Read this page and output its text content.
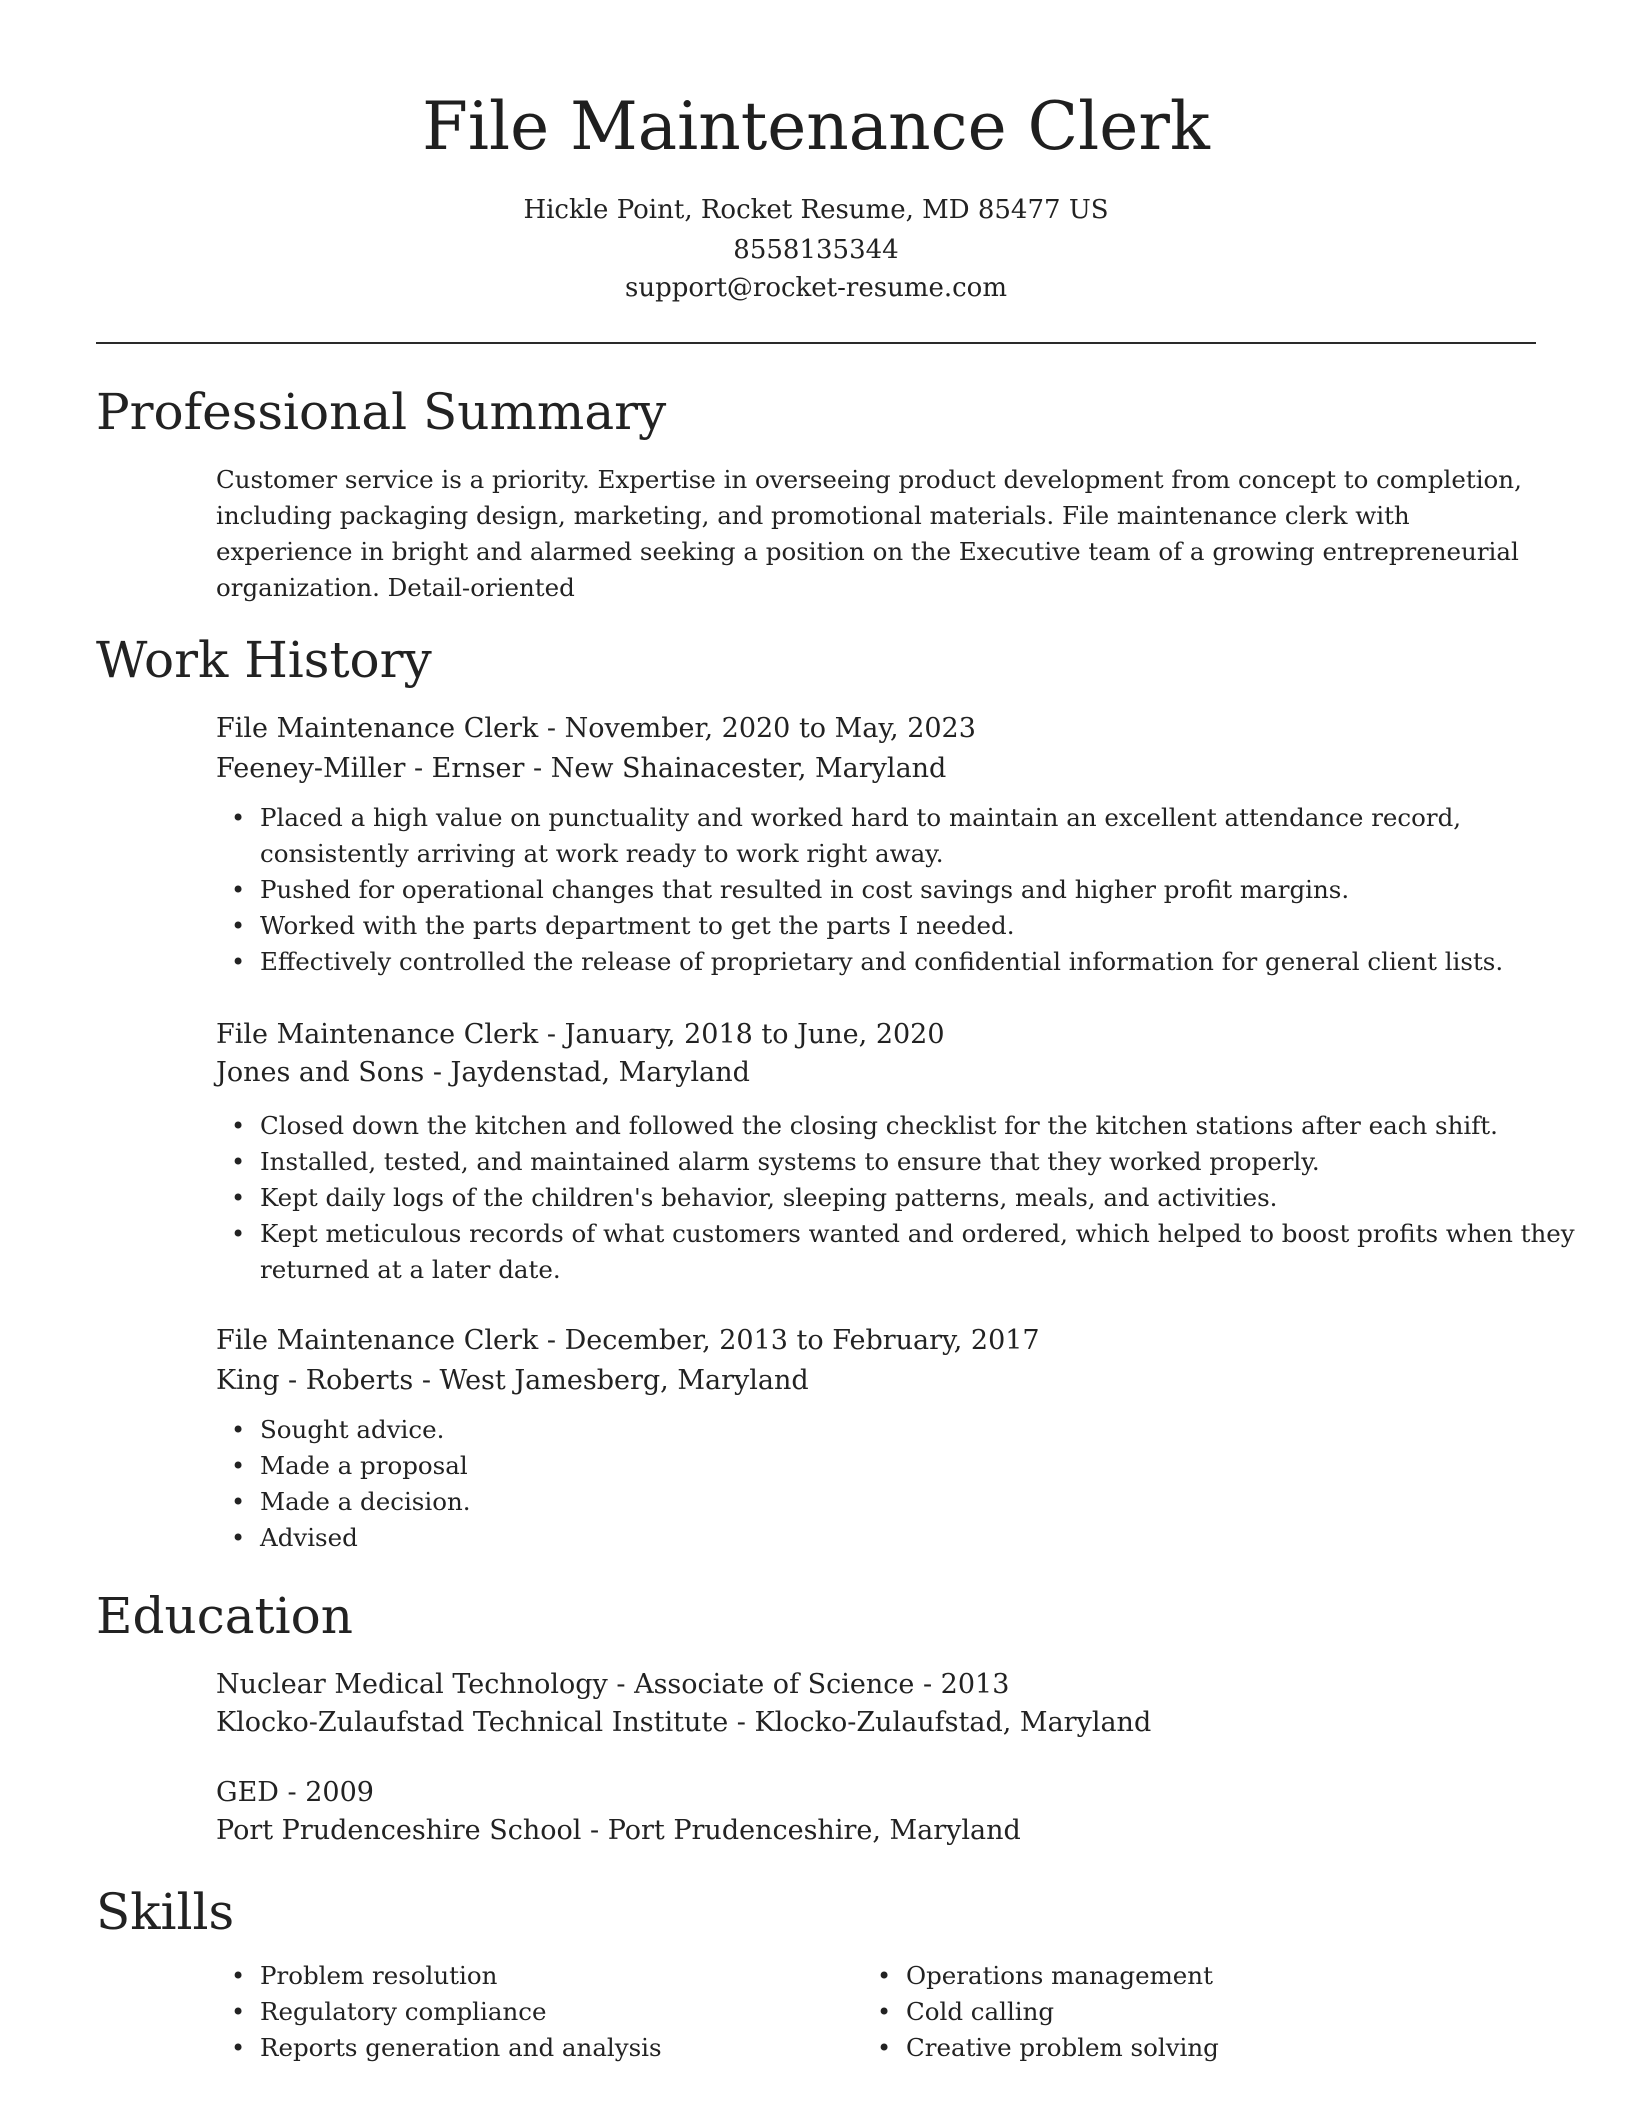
File Maintenance Clerk
Hickle Point, Rocket Resume, MD 85477 US
8558135344
support@rocket-resume.com
Professional Summary
Customer service is a priority. Expertise in overseeing product development from concept to completion, including packaging design, marketing, and promotional materials. File maintenance clerk with experience in bright and alarmed seeking a position on the Executive team of a growing entrepreneurial organization. Detail-oriented
Work History
File Maintenance Clerk - November, 2020 to May, 2023
Feeney-Miller - Ernser - New Shainacester, Maryland
• Placed a high value on punctuality and worked hard to maintain an excellent attendance record, consistently arriving at work ready to work right away.
• Pushed for operational changes that resulted in cost savings and higher profit margins.
• Worked with the parts department to get the parts I needed.
• Effectively controlled the release of proprietary and confidential information for general client lists.
File Maintenance Clerk - January, 2018 to June, 2020
Jones and Sons - Jaydenstad, Maryland
• Closed down the kitchen and followed the closing checklist for the kitchen stations after each shift.
• Installed, tested, and maintained alarm systems to ensure that they worked properly.
• Kept daily logs of the children's behavior, sleeping patterns, meals, and activities.
• Kept meticulous records of what customers wanted and ordered, which helped to boost profits when they returned at a later date.
File Maintenance Clerk - December, 2013 to February, 2017
King - Roberts - West Jamesberg, Maryland
• Sought advice.
• Made a proposal
• Made a decision.
• Advised
Education
Nuclear Medical Technology - Associate of Science - 2013
Klocko-Zulaufstad Technical Institute - Klocko-Zulaufstad, Maryland
GED - 2009
Port Prudenceshire School - Port Prudenceshire, Maryland
Skills
• Problem resolution
• Regulatory compliance
• Reports generation and analysis
• Operations management
• Cold calling
• Creative problem solving
